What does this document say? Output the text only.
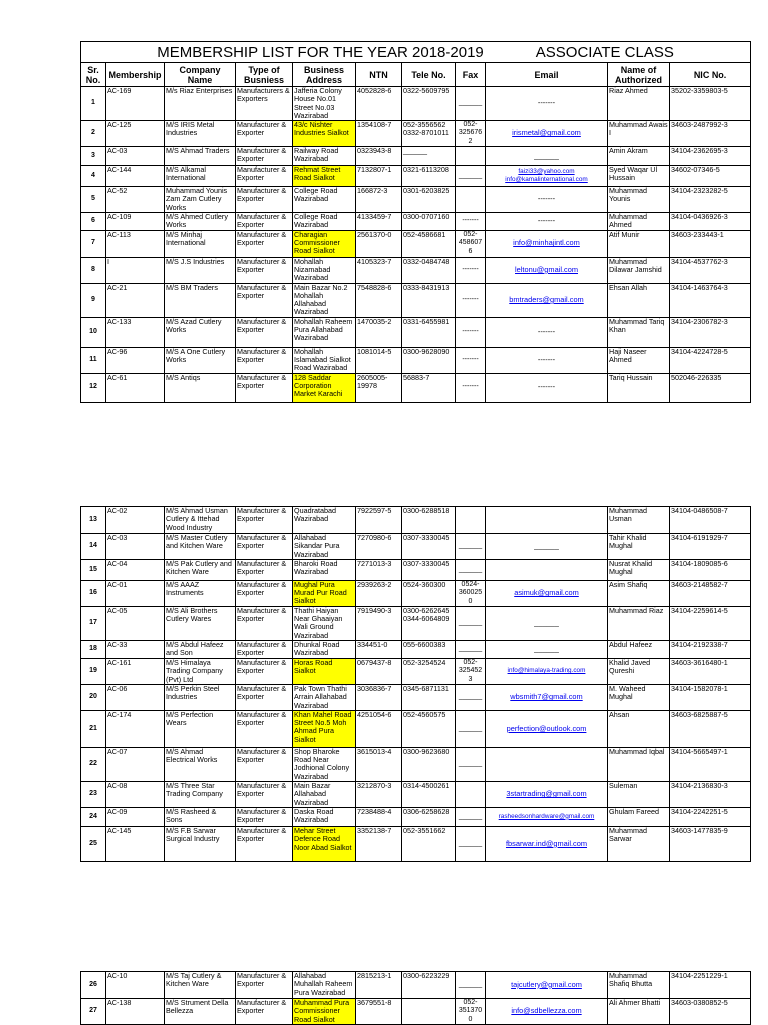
MEMBERSHIP LIST FOR THE YEAR 2018-2019 ASSOCIATE CLASS										
Sr. No.	Membership	Company Name	Type of Busniess	Business Address	NTN	Tele No.	Fax	Email	Name of Authorized	NIC No.
1	AC-169	M/s Riaz Enterprises	Manufacturers & Exporters	Jafferia Colony House No.01 Street No.03 Wazirabad	4052828-6	0322-5609795	______	-------	Riaz Ahmed	35202-3359803-5
2	AC-125	M/S IRIS Metal Industries	Manufacturer & Exporter	43/c Nishter Industries Sialkot	1354108-7	052-3556562 0332-8701011	052-3256762	irismetal@gmail.com	Muhammad Awais I	34603-2487992-3
3	AC-03	M/S Ahmad Traders	Manufacturer & Exporter	Railway Road Wazirabad	0323943-8	______		______	Amin Akram	34104-2362695-3
4	AC-144	M/S Alkamal International	Manufacturer & Exporter	Rehmat Street Road Sialkot	7132807-1	0321-6113208	______	faizi33@yahoo.com info@kamalinternational.com	Syed Waqar Ul Hussain	34602-07346-5
5	AC-52	Muhammad Younis Zam Zam Cutlery Works	Manufacturer & Exporter	College Road Wazirabad	166872-3	0301-6203825		-------	Muhammad Younis	34104-2323282-5
6	AC-109	M/S Ahmed Cutlery Works	Manufacturer & Exporter	College Road Wazirabad	4133459-7	0300-0707160	-------	-------	Muhammad Ahmed	34104-0436926-3
7	AC-113	M/S Minhaj International	Manufacturer & Exporter	Charagian Commissioner Road Sialkot	2561370-0	052-4586681	052-4586076	info@minhajintl.com	Atif Munir	34603-233443-1
8	I	M/S J.S Industries	Manufacturer & Exporter	Mohallah Nizamabad Wazirabad	4105323-7	0332-0484748	-------	leltonu@gmail.com	Muhammad Dilawar Jamshid	34104-4537762-3
9	AC-21	M/S BM Traders	Manufacturer & Exporter	Main Bazar No.2 Mohallah Allahabad Wazirabad	7548828-6	0333-8431913	-------	bmtraders@gmail.com	Ehsan Allah	34104-1463764-3
10	AC-133	M/S Azad Cutlery Works	Manufacturer & Exporter	Mohallah Raheem Pura Allahabad Wazirabad	1470035-2	0331-6455981	-------	-------	Muhammad Tariq Khan	34104-2306782-3
11	AC-96	M/S A One Cutlery Works	Manufacturer & Exporter	Mohallah Islamabad Sialkot Road Wazirabad	1081014-5	0300-9628090	-------	-------	Haji Naseer Ahmed	34104-4224728-5
12	AC-61	M/S Antiqs	Manufacturer & Exporter	128 Saddar Corporation Market Karachi	2605005-19978	56883-7	-------	-------	Tariq Hussain	502046-226335
13	AC-02	M/S Ahmad Usman Cutlery & Ittehad Wood Industry	Manufacturer & Exporter	Quadratabad Wazirabad	7922597-5	0300-6288518			Muhammad Usman	34104-0486508-7
14	AC-03	M/S Master Cutlery and Kitchen Ware	Manufacturer & Exporter	Allahabad Sikandar Pura Wazirabad	7270980-6	0307-3330045	______	______	Tahir Khalid Mughal	34104-6191929-7
15	AC-04	M/S Pak Cutlery and Kitchen Ware	Manufacturer & Exporter	Bharoki Road Wazirabad	7271013-3	0307-3330045	______		Nusrat Khalid Mughal	34104-1809085-6
16	AC-01	M/S AAAZ Instruments	Manufacturer & Exporter	Mughal Pura Murad Pur Road Sialkot	2939263-2	0524-360300	0524-3600250	asimuk@gmail.com	Asim Shafiq	34603-2148582-7
17	AC-05	M/S Ali Brothers Cutlery Wares	Manufacturer & Exporter	Thathi Haiyan Near Ghaaiyan Wali Ground Wazirabad	7919490-3	0300-6262645 0344-6064809	______	______	Muhammad Riaz	34104-2259614-5
18	AC-33	M/S Abdul Hafeez and Son	Manufacturer & Exporter	Dhunkal Road Wazirabad	334451-0	055-6600383	______	______	Abdul Hafeez	34104-2192338-7
19	AC-161	M/S Himalaya Trading Company (Pvt) Ltd	Manufacturer & Exporter	Horas Road Sialkot	0679437-8	052-3254524	052-3254523	info@himalaya-trading.com	Khalid Javed Qureshi	34603-3616480-1
20	AC-06	M/S Perkin Steel Industries	Manufacturer & Exporter	Pak Town Thathi Arrain Allahabad Wazirabad	3036836-7	0345-6871131	______	wbsmith7@gmail.com	M. Waheed Mughal	34104-1582078-1
21	AC-174	M/S Perfection Wears	Manufacturer & Exporter	Khan Mahel Road Street No.5 Moh Ahmad Pura Sialkot	4251054-6	052-4560575	______	perfection@outlook.com	Ahsan	34603-6825887-5
22	AC-07	M/S Ahmad Electrical Works	Manufacturer & Exporter	Shop Bharoke Road Near Jodhional Colony Wazirabad	3615013-4	0300-9623680	______		Muhammad Iqbal	34104-5665497-1
23	AC-08	M/S Three Star Trading Company	Manufacturer & Exporter	Main Bazar Allahabad Wazirabad	3212870-3	0314-4500261		3startrading@gmail.com	Suleman	34104-2136830-3
24	AC-09	M/S Rasheed & Sons	Manufacturer & Exporter	Daska Road Wazirabad	7238488-4	0306-6258628	______	rasheedsonhardware@gmail.com	Ghulam Fareed	34104-2242251-5
25	AC-145	M/S F.B Sarwar Surgical Industry	Manufacturer & Exporter	Mehar Street Defence Road Noor Abad Sialkot	3352138-7	052-3551662	______	fbsarwar.ind@gmail.com	Muhammad Sarwar	34603-1477835-9
26	AC-10	M/S Taj Cutlery & Kitchen Ware	Manufacturer & Exporter	Allahabad Muhallah Raheem Pura Wazirabad	2815213-1	0300-6223229	______	tajcutlery@gmail.com	Muhammad Shafiq Bhutta	34104-2251229-1
27	AC-138	M/S Strument Della Bellezza	Manufacturer & Exporter	Muhammad Pura Commissioner Road Sialkot	3679551-8		052-3513700	info@sdbellezza.com	Ali Ahmer Bhatti	34603-0380852-5
